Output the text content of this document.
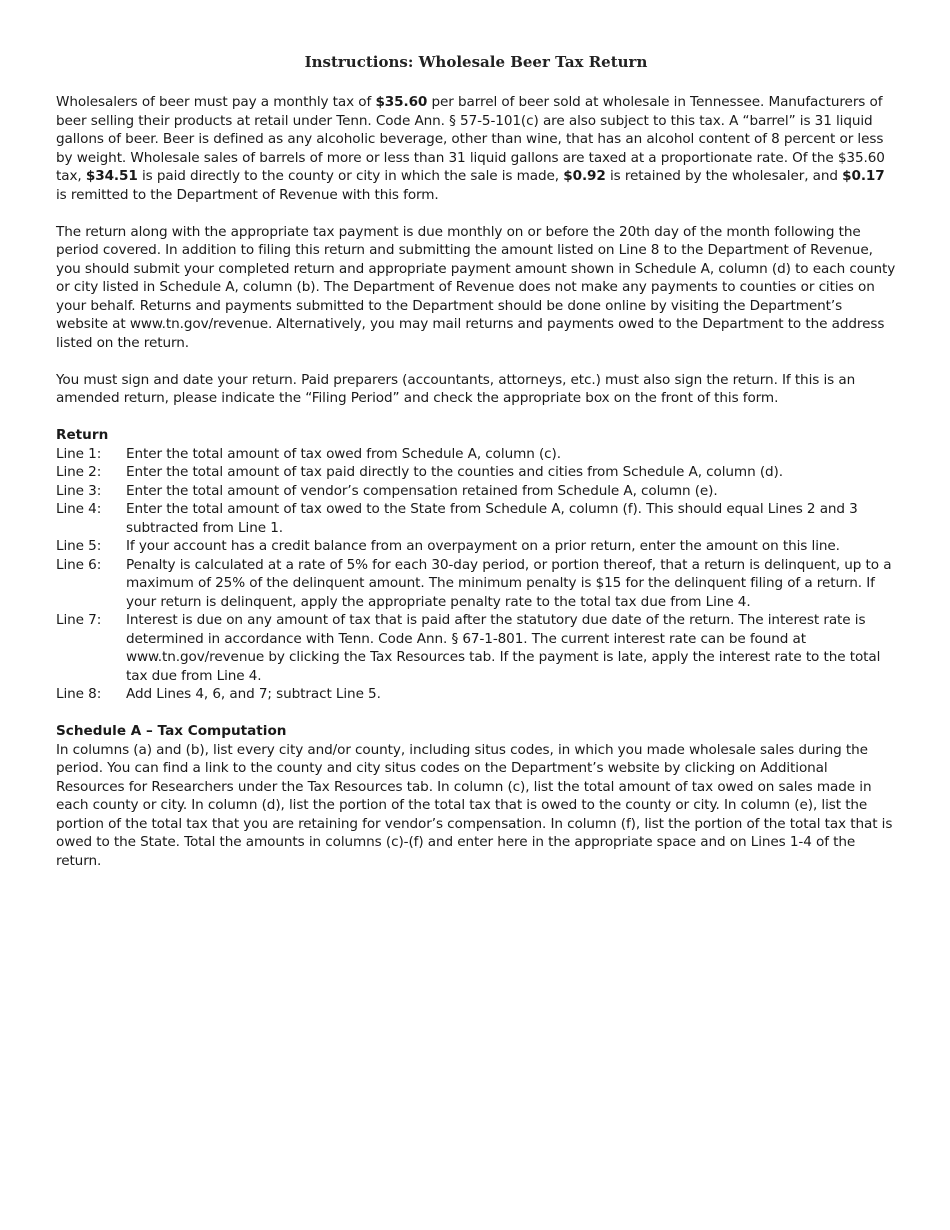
Instructions: Wholesale Beer Tax Return

Wholesalers of beer must pay a monthly tax of $35.60 per barrel of beer sold at wholesale in Tennessee. Manufacturers of beer selling their products at retail under Tenn. Code Ann. § 57-5-101(c) are also subject to this tax. A “barrel” is 31 liquid gallons of beer. Beer is defined as any alcoholic beverage, other than wine, that has an alcohol content of 8 percent or less by weight. Wholesale sales of barrels of more or less than 31 liquid gallons are taxed at a proportionate rate. Of the $35.60 tax, $34.51 is paid directly to the county or city in which the sale is made, $0.92 is retained by the wholesaler, and $0.17 is remitted to the Department of Revenue with this form.

The return along with the appropriate tax payment is due monthly on or before the 20th day of the month following the period covered. In addition to filing this return and submitting the amount listed on Line 8 to the Department of Revenue, you should submit your completed return and appropriate payment amount shown in Schedule A, column (d) to each county or city listed in Schedule A, column (b). The Department of Revenue does not make any payments to counties or cities on your behalf. Returns and payments submitted to the Department should be done online by visiting the Department’s website at www.tn.gov/revenue. Alternatively, you may mail returns and payments owed to the Department to the address listed on the return.

You must sign and date your return. Paid preparers (accountants, attorneys, etc.) must also sign the return. If this is an amended return, please indicate the “Filing Period” and check the appropriate box on the front of this form.

Return
Line 1:	Enter the total amount of tax owed from Schedule A, column (c).
Line 2:	Enter the total amount of tax paid directly to the counties and cities from Schedule A, column (d).
Line 3:	Enter the total amount of vendor’s compensation retained from Schedule A, column (e).
Line 4:	Enter the total amount of tax owed to the State from Schedule A, column (f). This should equal Lines 2 and 3 subtracted from Line 1.
Line 5:	If your account has a credit balance from an overpayment on a prior return, enter the amount on this line.
Line 6:	Penalty is calculated at a rate of 5% for each 30-day period, or portion thereof, that a return is delinquent, up to a maximum of 25% of the delinquent amount. The minimum penalty is $15 for the delinquent filing of a return. If your return is delinquent, apply the appropriate penalty rate to the total tax due from Line 4.
Line 7:	Interest is due on any amount of tax that is paid after the statutory due date of the return. The interest rate is determined in accordance with Tenn. Code Ann. § 67-1-801. The current interest rate can be found at www.tn.gov/revenue by clicking the Tax Resources tab. If the payment is late, apply the interest rate to the total tax due from Line 4.
Line 8:	Add Lines 4, 6, and 7; subtract Line 5.
Schedule A – Tax Computation

In columns (a) and (b), list every city and/or county, including situs codes, in which you made wholesale sales during the period. You can find a link to the county and city situs codes on the Department’s website by clicking on Additional Resources for Researchers under the Tax Resources tab. In column (c), list the total amount of tax owed on sales made in each county or city. In column (d), list the portion of the total tax that is owed to the county or city. In column (e), list the portion of the total tax that you are retaining for vendor’s compensation. In column (f), list the portion of the total tax that is owed to the State. Total the amounts in columns (c)-(f) and enter here in the appropriate space and on Lines 1-4 of the return.
